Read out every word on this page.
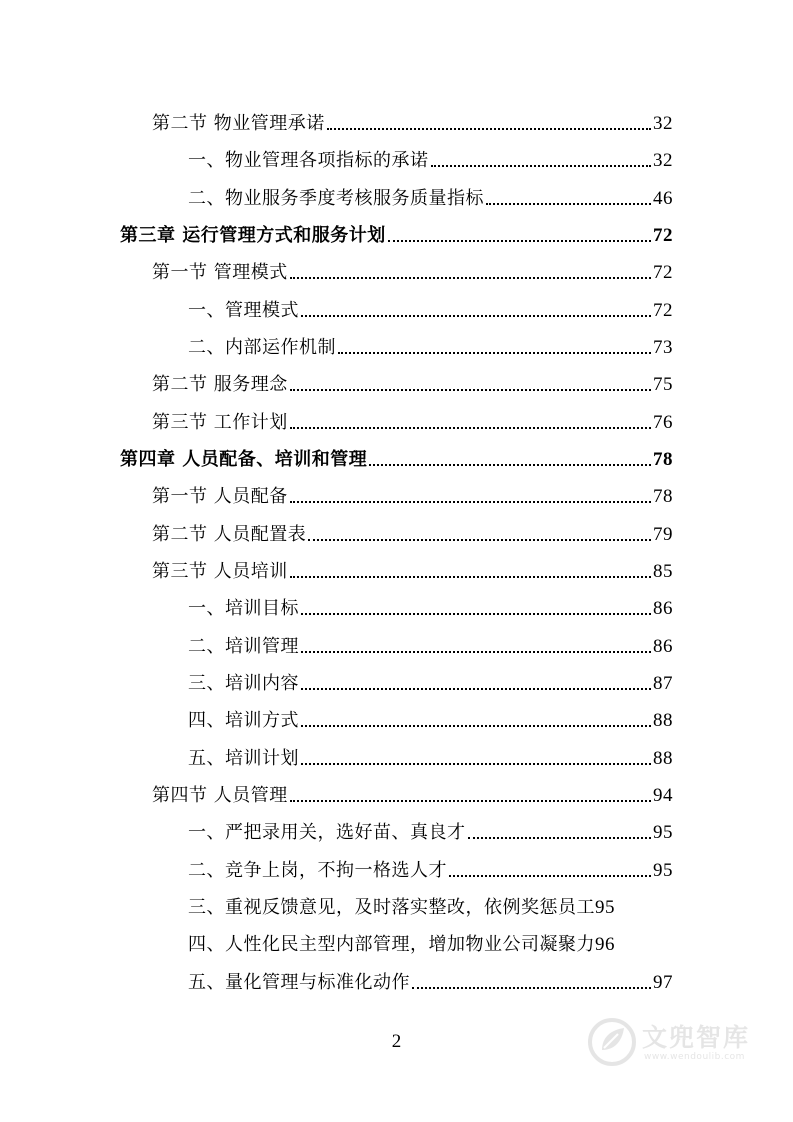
第二节 物业管理承诺	32
一、物业管理各项指标的承诺	32
二、物业服务季度考核服务质量指标	46
第三章 运行管理方式和服务计划	72
第一节 管理模式	72
一、管理模式	72
二、内部运作机制	73
第二节 服务理念	75
第三节 工作计划	76
第四章 人员配备、培训和管理	78
第一节 人员配备	78
第二节 人员配置表	79
第三节 人员培训	85
一、培训目标	86
二、培训管理	86
三、培训内容	87
四、培训方式	88
五、培训计划	88
第四节 人员管理	94
一、严把录用关，选好苗、真良才	95
二、竞争上岗，不拘一格选人才	95
三、重视反馈意见，及时落实整改，依例奖惩员工 95
四、人性化民主型内部管理，增加物业公司凝聚力 96
五、量化管理与标准化动作	97
2	文兜智库
www.wendoulib.com
